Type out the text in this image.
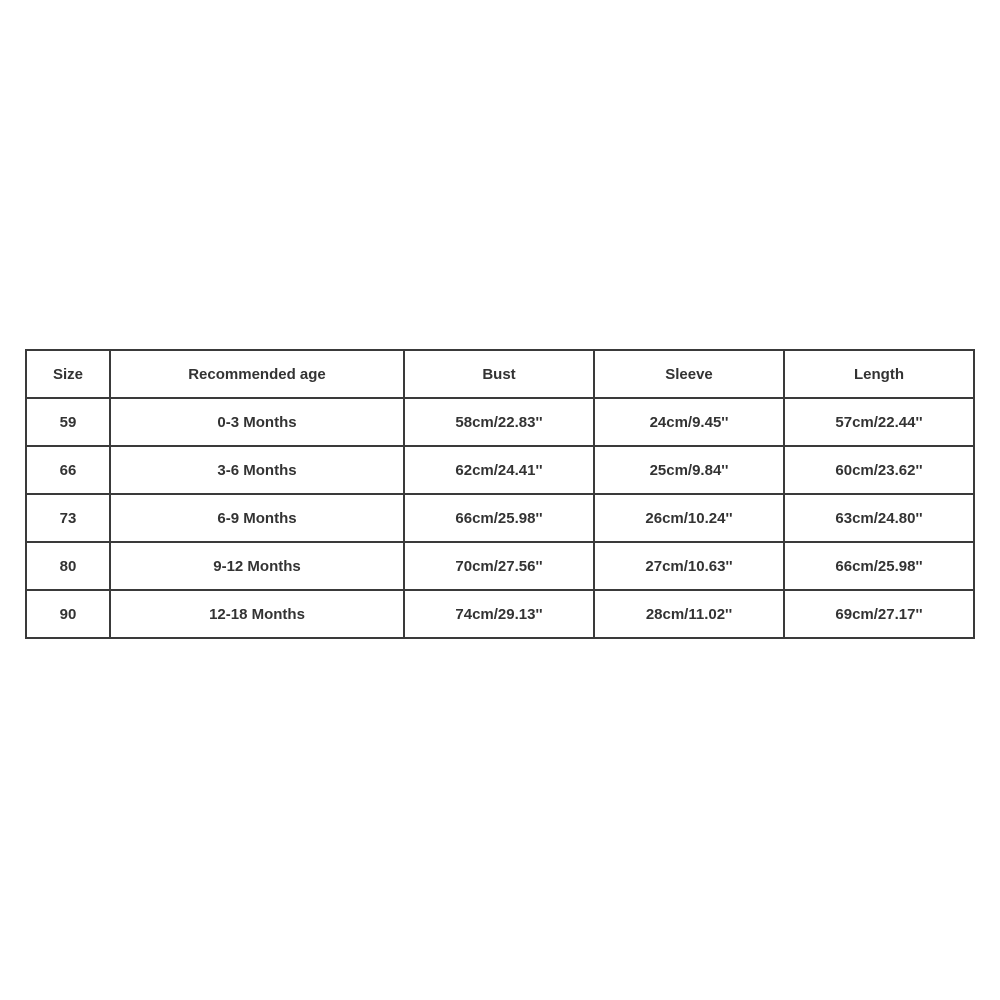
Size	Recommended age	Bust	Sleeve	Length
59	0-3 Months	58cm/22.83''	24cm/9.45''	57cm/22.44''
66	3-6 Months	62cm/24.41''	25cm/9.84''	60cm/23.62''
73	6-9 Months	66cm/25.98''	26cm/10.24''	63cm/24.80''
80	9-12 Months	70cm/27.56''	27cm/10.63''	66cm/25.98''
90	12-18 Months	74cm/29.13''	28cm/11.02''	69cm/27.17''
